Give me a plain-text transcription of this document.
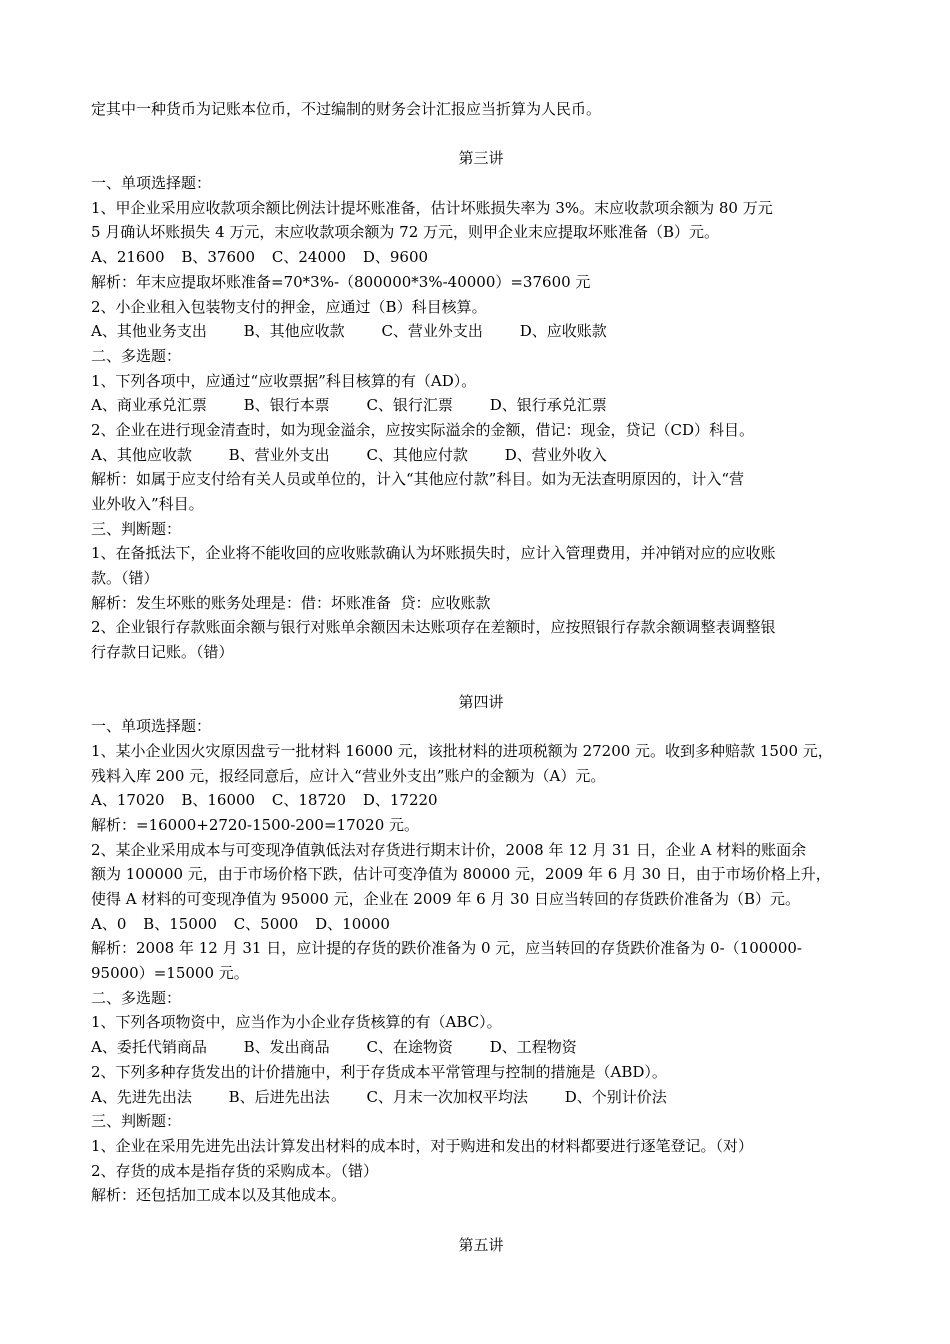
定其中一种货币为记账本位币，不过编制的财务会计汇报应当折算为人民币。
第三讲
一、单项选择题：
1、甲企业采用应收款项余额比例法计提坏账准备，估计坏账损失率为 3%。末应收款项余额为 80 万元
5 月确认坏账损失 4 万元，末应收款项余额为 72 万元，则甲企业末应提取坏账准备（B）元。
A、21600 B、37600 C、24000 D、9600
解析：年末应提取坏账准备=70*3%-（800000*3%-40000）=37600 元
2、小企业租入包装物支付的押金，应通过（B）科目核算。
A、其他业务支出 B、其他应收款 C、营业外支出 D、应收账款
二、多选题：
1、下列各项中，应通过“应收票据”科目核算的有（AD）。
A、商业承兑汇票 B、银行本票 C、银行汇票 D、银行承兑汇票
2、企业在进行现金清查时，如为现金溢余，应按实际溢余的金额，借记：现金，贷记（CD）科目。
A、其他应收款 B、营业外支出 C、其他应付款 D、营业外收入
解析：如属于应支付给有关人员或单位的，计入“其他应付款”科目。如为无法查明原因的，计入“营
业外收入”科目。
三、判断题：
1、在备抵法下，企业将不能收回的应收账款确认为坏账损失时，应计入管理费用，并冲销对应的应收账
款。（错）
解析：发生坏账的账务处理是：借：坏账准备  贷：应收账款
2、企业银行存款账面余额与银行对账单余额因未达账项存在差额时，应按照银行存款余额调整表调整银
行存款日记账。（错）
第四讲
一、单项选择题：
1、某小企业因火灾原因盘亏一批材料 16000 元，该批材料的进项税额为 27200 元。收到多种赔款 1500 元，
残料入库 200 元，报经同意后，应计入“营业外支出”账户的金额为（A）元。
A、17020 B、16000 C、18720 D、17220
解析：=16000+2720-1500-200=17020 元。
2、某企业采用成本与可变现净值孰低法对存货进行期末计价，2008 年 12 月 31 日，企业 A 材料的账面余
额为 100000 元，由于市场价格下跌，估计可变净值为 80000 元，2009 年 6 月 30 日，由于市场价格上升，
使得 A 材料的可变现净值为 95000 元，企业在 2009 年 6 月 30 日应当转回的存货跌价准备为（B）元。
A、0 B、15000 C、5000 D、10000
解析：2008 年 12 月 31 日，应计提的存货的跌价准备为 0 元，应当转回的存货跌价准备为 0-（100000-
95000）=15000 元。
二、多选题：
1、下列各项物资中，应当作为小企业存货核算的有（ABC）。
A、委托代销商品 B、发出商品 C、在途物资 D、工程物资
2、下列多种存货发出的计价措施中，利于存货成本平常管理与控制的措施是（ABD）。
A、先进先出法 B、后进先出法 C、月末一次加权平均法 D、个别计价法
三、判断题：
1、企业在采用先进先出法计算发出材料的成本时，对于购进和发出的材料都要进行逐笔登记。（对）
2、存货的成本是指存货的采购成本。（错）
解析：还包括加工成本以及其他成本。
第五讲
